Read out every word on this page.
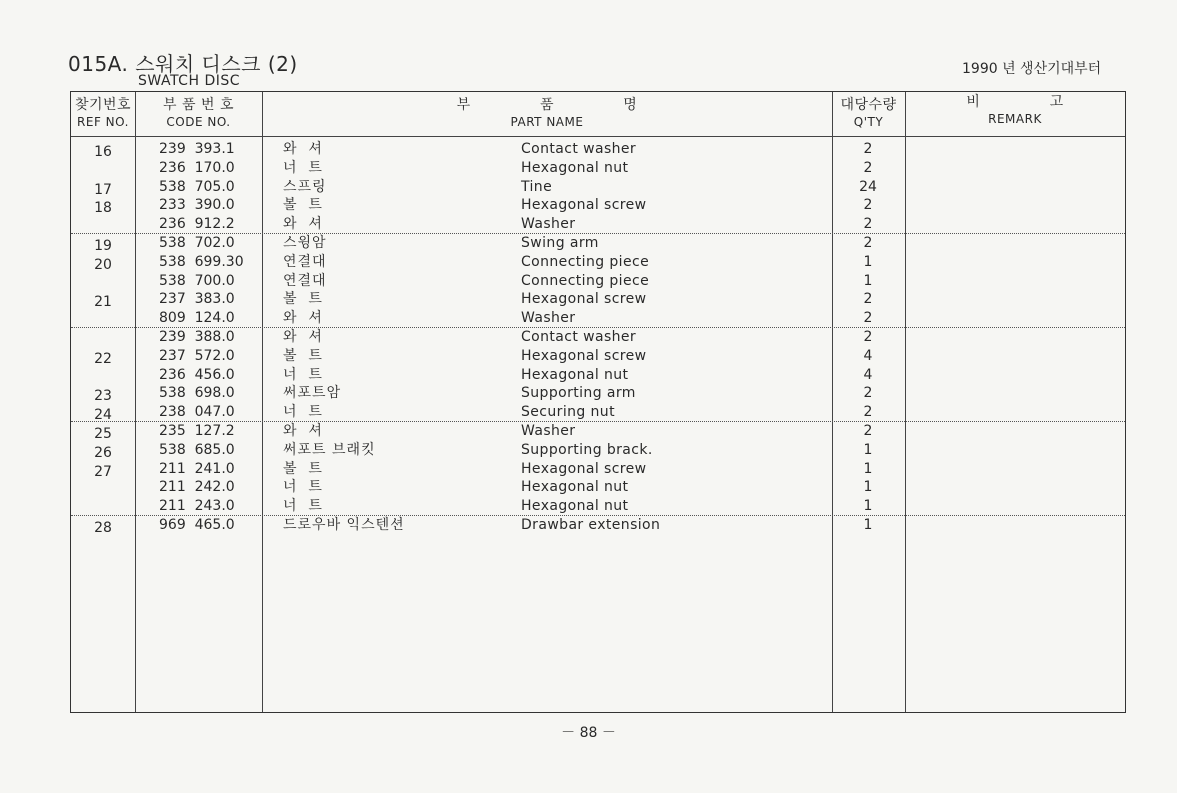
015A. 스워치 디스크 (2)
SWATCH DISC
1990 년 생산기대부터
찾기번호
REF NO.
부 품 번 호
CODE NO.
부              품              명
PART NAME
대당수량
Q'TY
비              고
REMARK
16	239  393.1	와  셔	Contact washer	2
236  170.0	너  트	Hexagonal nut	2
17	538  705.0	스프링	Tine	24
18	233  390.0	볼  트	Hexagonal screw	2
236  912.2	와  셔	Washer	2
19	538  702.0	스윙암	Swing arm	2
20	538  699.30	연결대	Connecting piece	1
538  700.0	연결대	Connecting piece	1
21	237  383.0	볼  트	Hexagonal screw	2
809  124.0	와  셔	Washer	2
239  388.0	와  셔	Contact washer	2
22	237  572.0	볼  트	Hexagonal screw	4
236  456.0	너  트	Hexagonal nut	4
23	538  698.0	써포트암	Supporting arm	2
24	238  047.0	너  트	Securing nut	2
25	235  127.2	와  셔	Washer	2
26	538  685.0	써포트 브래킷	Supporting brack.	1
27	211  241.0	볼  트	Hexagonal screw	1
211  242.0	너  트	Hexagonal nut	1
211  243.0	너  트	Hexagonal nut	1
28	969  465.0	드로우바 익스텐션	Drawbar extension	1
－ 88 －
